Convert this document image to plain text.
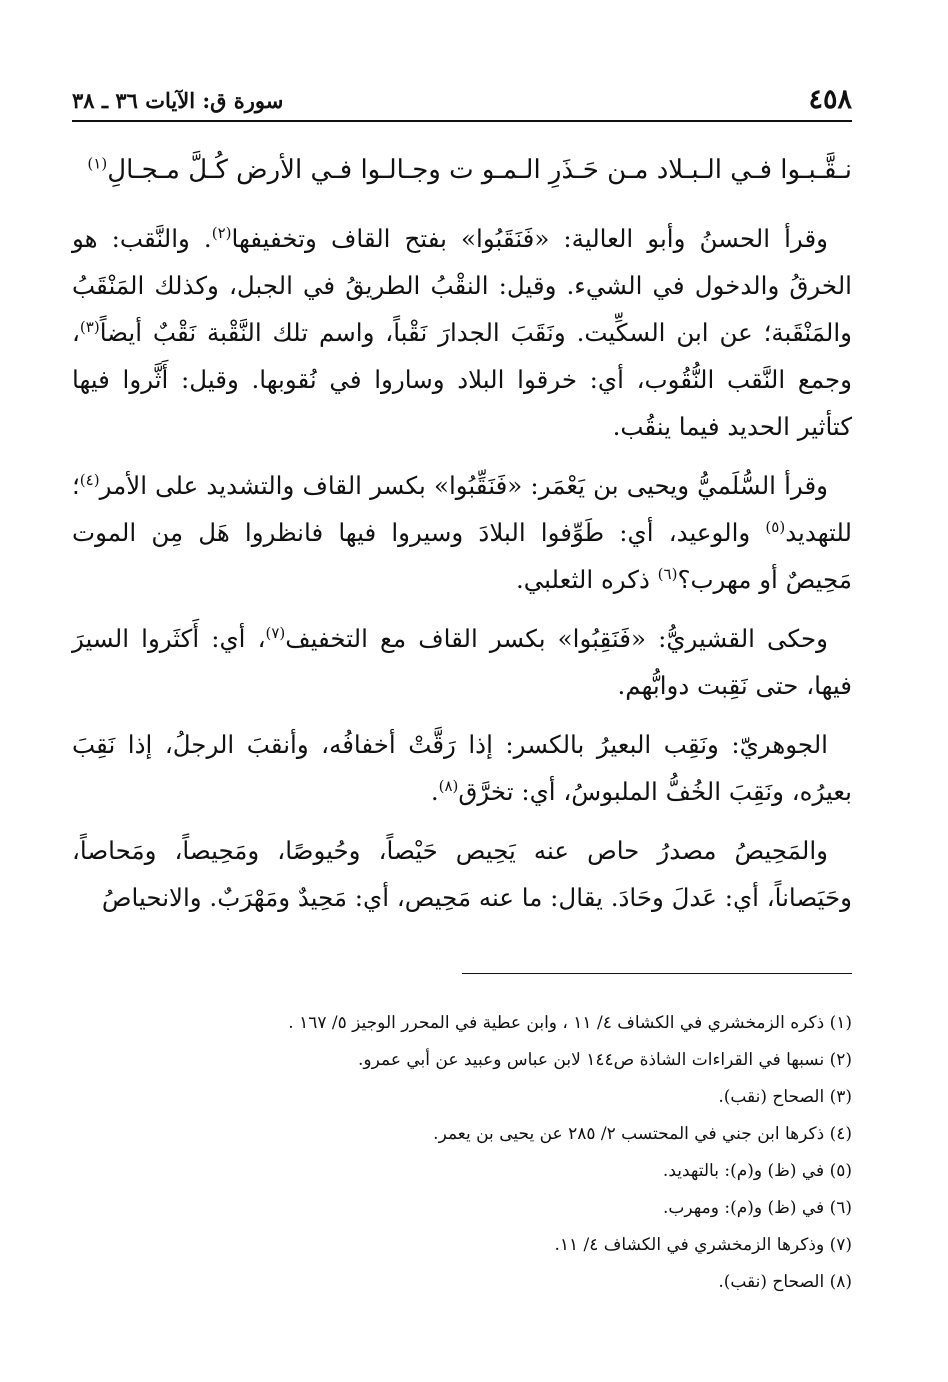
٤٥٨
سورة ق: الآيات ٣٦ ـ ٣٨
نـقَّـبـوا فـي الـبـلاد مـن حَـذَرِ الـمـو ت وجـالـوا فـي الأرض كُـلَّ مـجـالِ$^{(١)}$

وقرأ الحسنُ وأبو العالية: «فَنَقَبُوا» بفتح القاف وتخفيفها$^{(٢)}$. والنَّقب: هو الخرقُ والدخول في الشيء. وقيل: النقْبُ الطريقُ في الجبل، وكذلك المَنْقَبُ والمَنْقَبة؛ عن ابن السكِّيت. ونَقَبَ الجدارَ نَقْباً، واسم تلك النَّقْبة نَقْبٌ أيضاً$^{(٣)}$، وجمع النَّقب النُّقُوب، أي: خرقوا البلاد وساروا في نُقوبها. وقيل: أَثَّروا فيها كتأثير الحديد فيما ينقُب.

وقرأ السُّلَميُّ ويحيى بن يَعْمَر: «فَنَقِّبُوا» بكسر القاف والتشديد على الأمر$^{(٤)}$؛ للتهديد$^{(٥)}$ والوعيد، أي: طَوِّفوا البلادَ وسيروا فيها فانظروا هَل مِن الموت مَحِيصٌ أو مهرب؟$^{(٦)}$ ذكره الثعلبي.

وحكى القشيريُّ: «فَنَقِبُوا» بكسر القاف مع التخفيف$^{(٧)}$، أي: أَكثَروا السيرَ فيها، حتى نَقِبت دوابُّهم.

الجوهريّ: ونَقِب البعيرُ بالكسر: إذا رَقَّتْ أخفافُه، وأنقبَ الرجلُ، إذا نَقِبَ بعيرُه، ونَقِبَ الخُفُّ الملبوسُ، أي: تخرَّق$^{(٨)}$.

والمَحِيصُ مصدرُ حاص عنه يَحِيص حَيْصاً، وحُيوصًا، ومَحِيصاً، ومَحاصاً، وحَيَصاناً، أي: عَدلَ وحَادَ. يقال: ما عنه مَحِيص، أي: مَحِيدٌ ومَهْرَبٌ. والانحياصُ

(١) ذكره الزمخشري في الكشاف ٤/ ١١ ، وابن عطية في المحرر الوجيز ٥/ ١٦٧ .
(٢) نسبها في القراءات الشاذة ص١٤٤ لابن عباس وعبيد عن أبي عمرو.
(٣) الصحاح (نقب).
(٤) ذكرها ابن جني في المحتسب ٢/ ٢٨٥ عن يحيى بن يعمر.
(٥) في (ظ) و(م): بالتهديد.
(٦) في (ظ) و(م): ومهرب.
(٧) وذكرها الزمخشري في الكشاف ٤/ ١١.
(٨) الصحاح (نقب).
